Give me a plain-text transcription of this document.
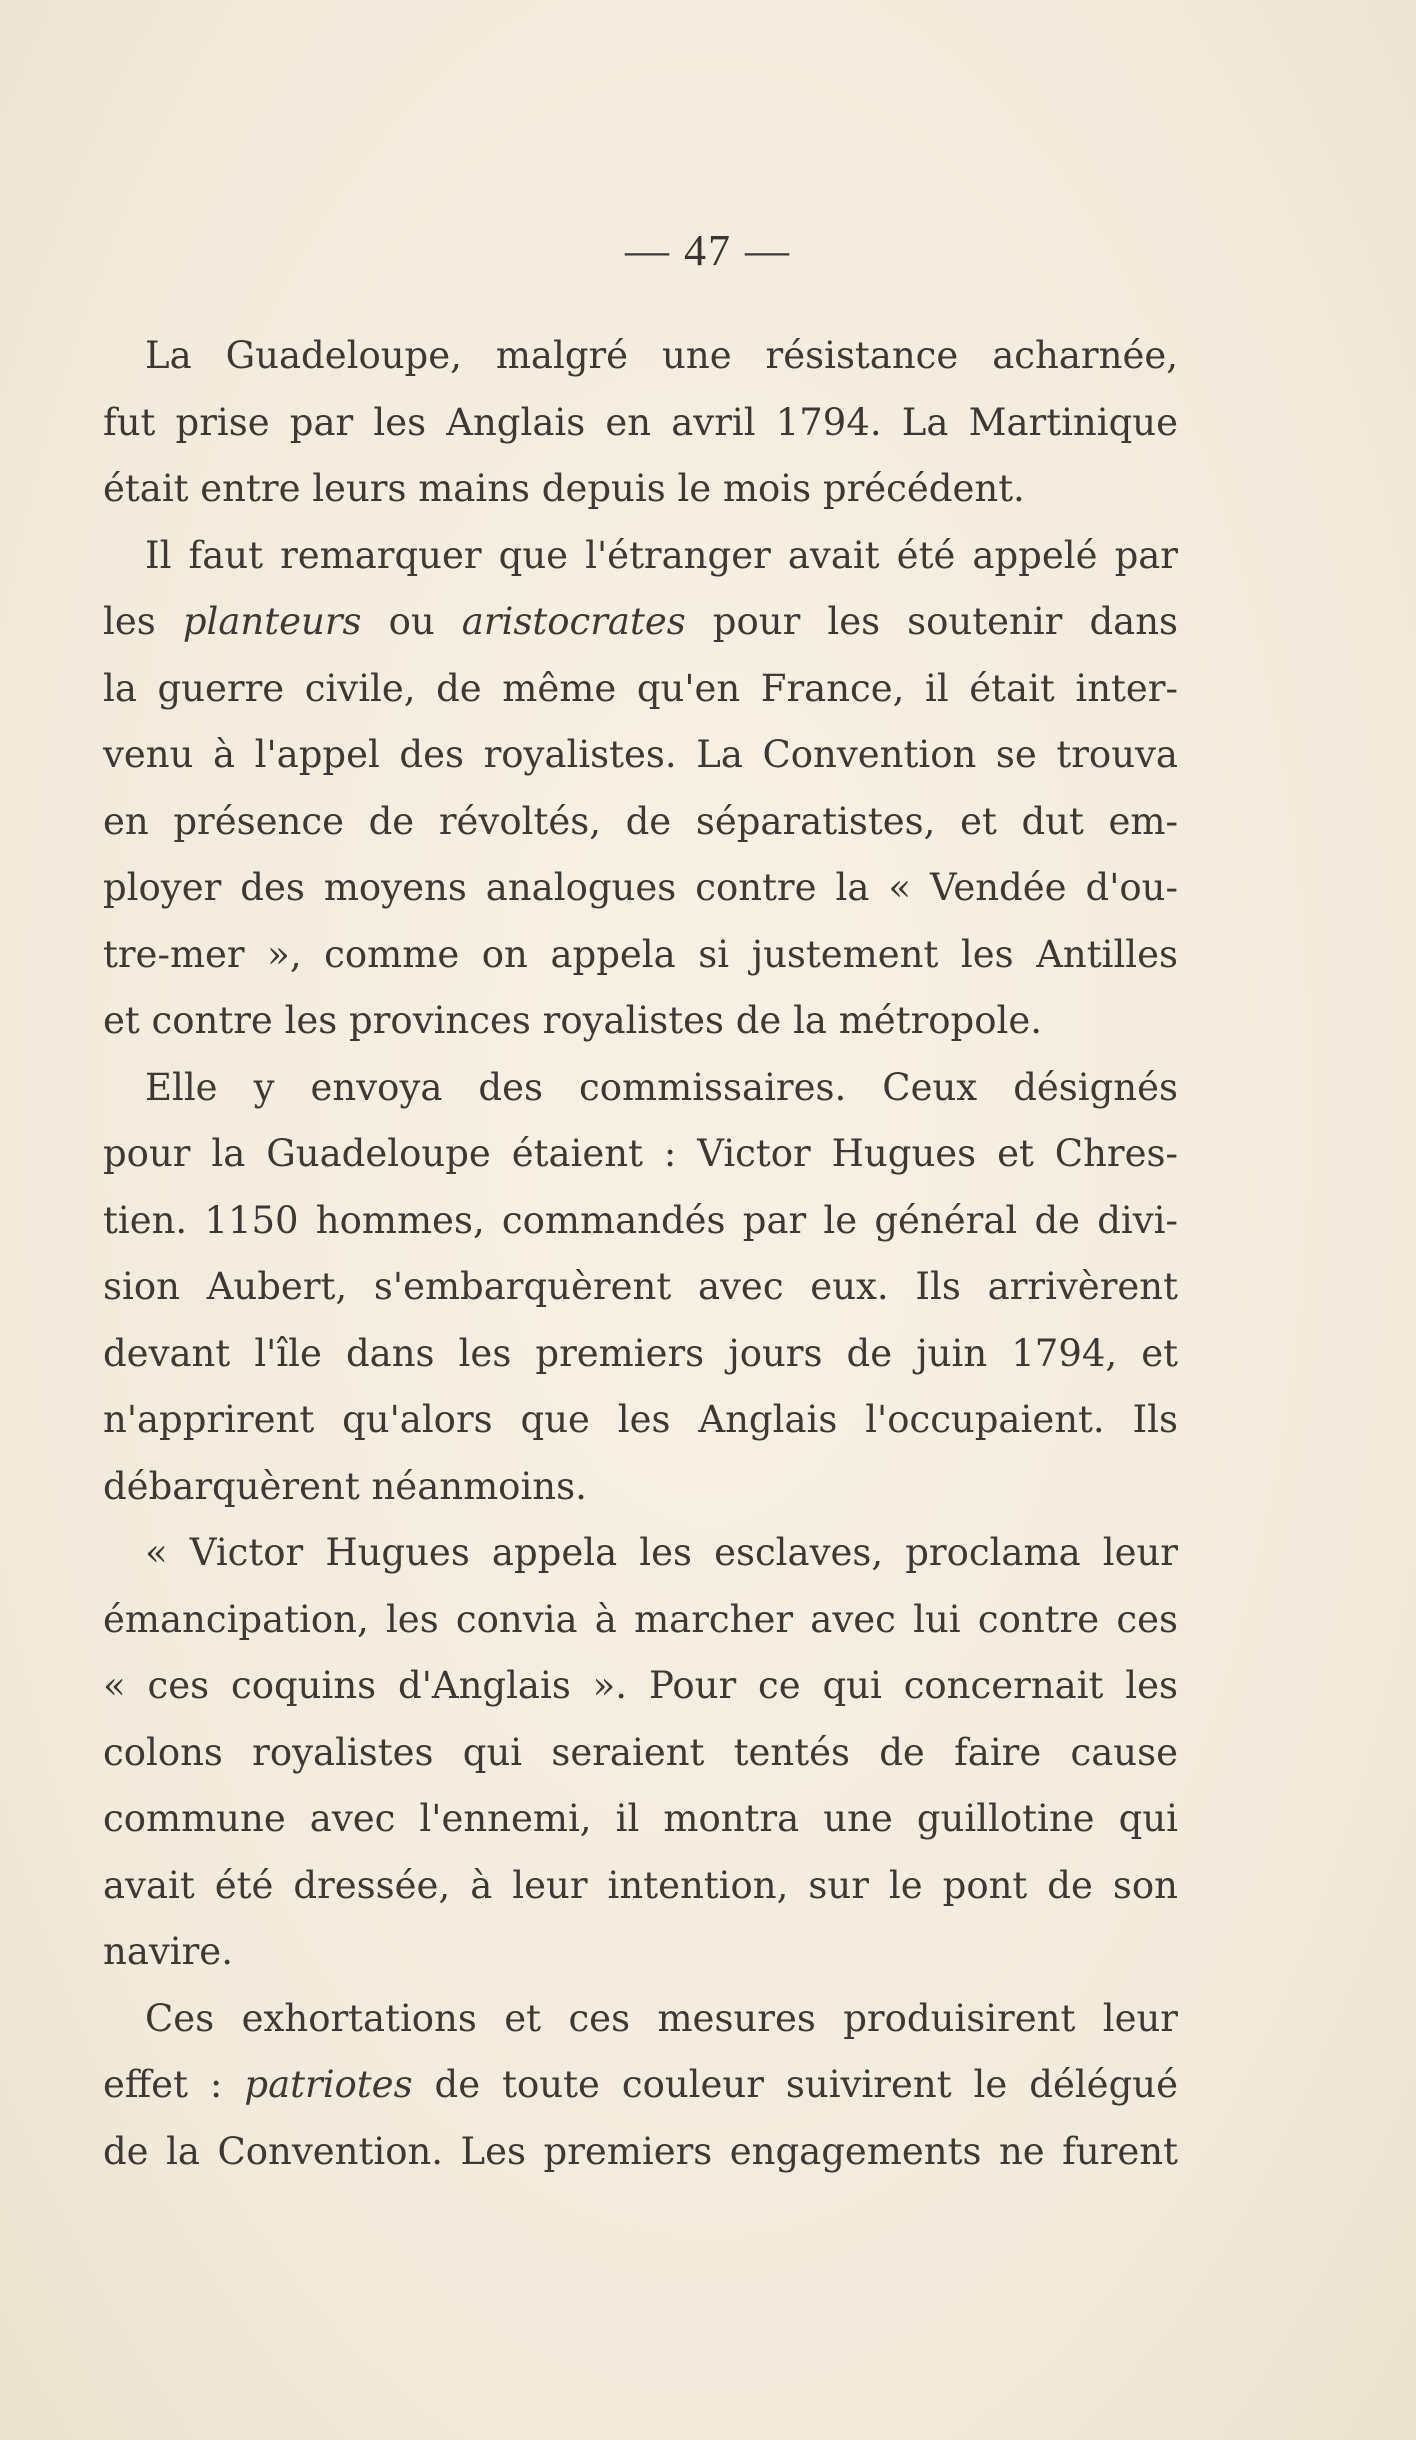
— 47 —
La Guadeloupe, malgré une résistance acharnée,
fut prise par les Anglais en avril 1794. La Martinique
était entre leurs mains depuis le mois précédent.
Il faut remarquer que l'étranger avait été appelé par
les planteurs ou aristocrates pour les soutenir dans
la guerre civile, de même qu'en France, il était inter-
venu à l'appel des royalistes. La Convention se trouva
en présence de révoltés, de séparatistes, et dut em-
ployer des moyens analogues contre la « Vendée d'ou-
tre-mer », comme on appela si justement les Antilles
et contre les provinces royalistes de la métropole.
Elle y envoya des commissaires. Ceux désignés
pour la Guadeloupe étaient : Victor Hugues et Chres-
tien. 1150 hommes, commandés par le général de divi-
sion Aubert, s'embarquèrent avec eux. Ils arrivèrent
devant l'île dans les premiers jours de juin 1794, et
n'apprirent qu'alors que les Anglais l'occupaient. Ils
débarquèrent néanmoins.
« Victor Hugues appela les esclaves, proclama leur
émancipation, les convia à marcher avec lui contre ces
« ces coquins d'Anglais ». Pour ce qui concernait les
colons royalistes qui seraient tentés de faire cause
commune avec l'ennemi, il montra une guillotine qui
avait été dressée, à leur intention, sur le pont de son
navire.
Ces exhortations et ces mesures produisirent leur
effet : patriotes de toute couleur suivirent le délégué
de la Convention. Les premiers engagements ne furent
